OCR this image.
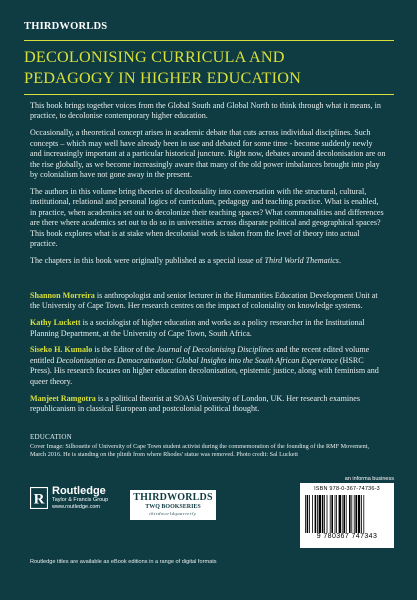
THIRDWORLDS
DECOLONISING CURRICULA AND
PEDAGOGY IN HIGHER EDUCATION

This book brings together voices from the Global South and Global North to think through what it means, in practice, to decolonise contemporary higher education.

Occasionally, a theoretical concept arises in academic debate that cuts across individual disciplines. Such concepts – which may well have already been in use and debated for some time - become suddenly newly and increasingly important at a particular historical juncture. Right now, debates around decolonisation are on the rise globally, as we become increasingly aware that many of the old power imbalances brought into play by colonialism have not gone away in the present.

The authors in this volume bring theories of decoloniality into conversation with the structural, cultural, institutional, relational and personal logics of curriculum, pedagogy and teaching practice. What is enabled, in practice, when academics set out to decolonize their teaching spaces? What commonalities and differences are there where academics set out to do so in universities across disparate political and geographical spaces? This book explores what is at stake when decolonial work is taken from the level of theory into actual practice.

The chapters in this book were originally published as a special issue of Third World Thematics.

Shannon Morreira is anthropologist and senior lecturer in the Humanities Education Development Unit at the University of Cape Town. Her research centres on the impact of coloniality on knowledge systems.

Kathy Luckett is a sociologist of higher education and works as a policy researcher in the Institutional Planning Department, at the University of Cape Town, South Africa.

Siseko H. Kumalo is the Editor of the Journal of Decolonising Disciplines and the recent edited volume entitled Decolonisation as Democratisation: Global Insights into the South African Experience (HSRC Press). His research focuses on higher education decolonisation, epistemic justice, along with feminism and queer theory.

Manjeet Ramgotra is a political theorist at SOAS University of London, UK. Her research examines republicanism in classical European and postcolonial political thought.

EDUCATION
Cover Image: Silhouette of University of Cape Town student activist during the commemoration of the founding of the RMF Movement, March 2016. He is standing on the plinth from where Rhodes' statue was removed. Photo credit: Sal Luckett
R
Routledge
Taylor & Francis Group
www.routledge.com
THIRDWORLDS
TWQ BOOKSERIES
thirdworldquarterly
an informa business
ISBN 978-0-367-74736-3
9 780367 747343
Routledge titles are available as eBook editions in a range of digital formats
